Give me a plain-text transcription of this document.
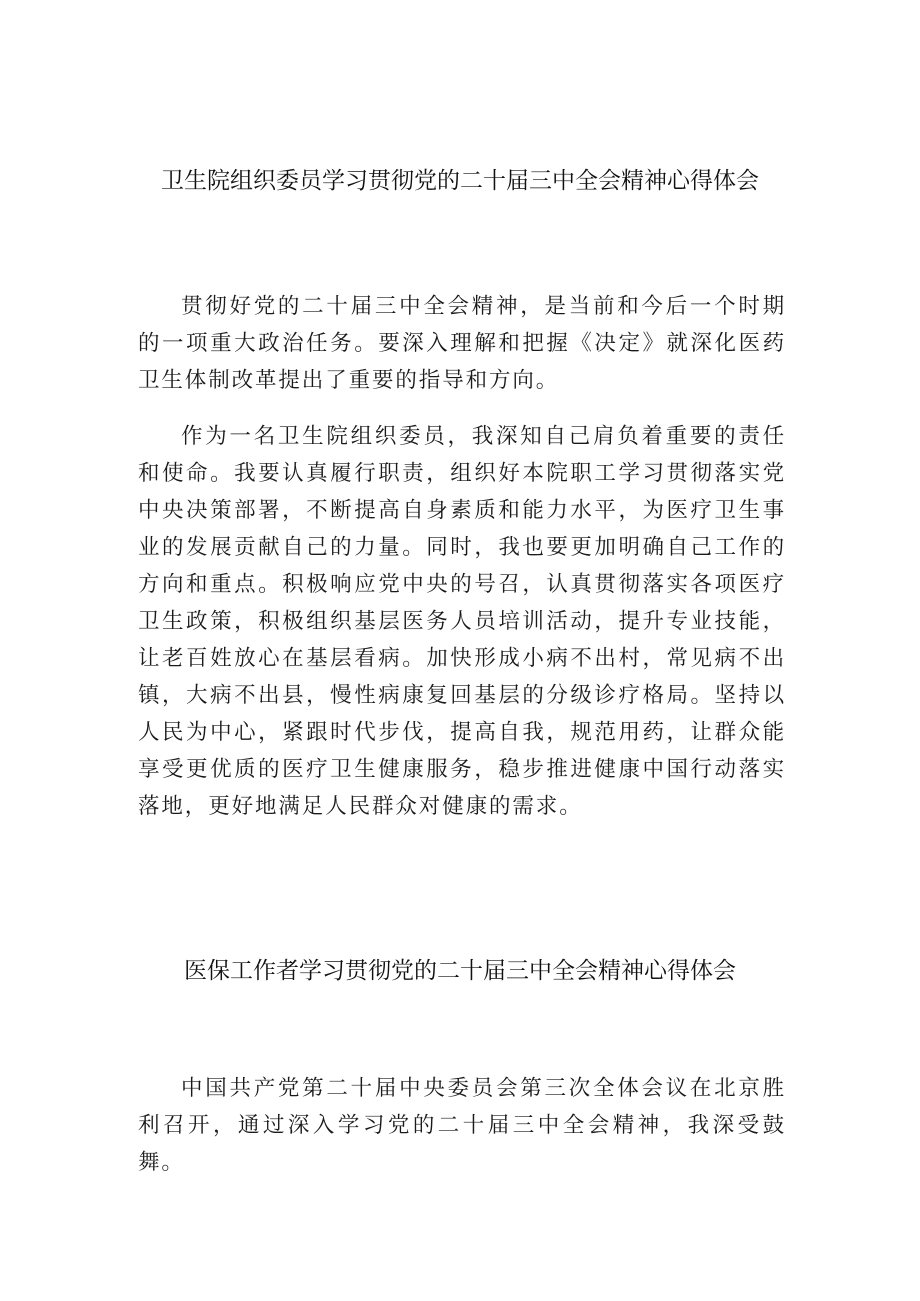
卫生院组织委员学习贯彻党的二十届三中全会精神心得体会

贯彻好党的二十届三中全会精神，是当前和今后一个时期的一项重大政治任务。要深入理解和把握《决定》就深化医药卫生体制改革提出了重要的指导和方向。

作为一名卫生院组织委员，我深知自己肩负着重要的责任和使命。我要认真履行职责，组织好本院职工学习贯彻落实党中央决策部署，不断提高自身素质和能力水平，为医疗卫生事业的发展贡献自己的力量。同时，我也要更加明确自己工作的方向和重点。积极响应党中央的号召，认真贯彻落实各项医疗卫生政策，积极组织基层医务人员培训活动，提升专业技能，让老百姓放心在基层看病。加快形成小病不出村，常见病不出镇，大病不出县，慢性病康复回基层的分级诊疗格局。坚持以人民为中心，紧跟时代步伐，提高自我，规范用药，让群众能享受更优质的医疗卫生健康服务，稳步推进健康中国行动落实落地，更好地满足人民群众对健康的需求。

医保工作者学习贯彻党的二十届三中全会精神心得体会

中国共产党第二十届中央委员会第三次全体会议在北京胜利召开，通过深入学习党的二十届三中全会精神，我深受鼓舞。
